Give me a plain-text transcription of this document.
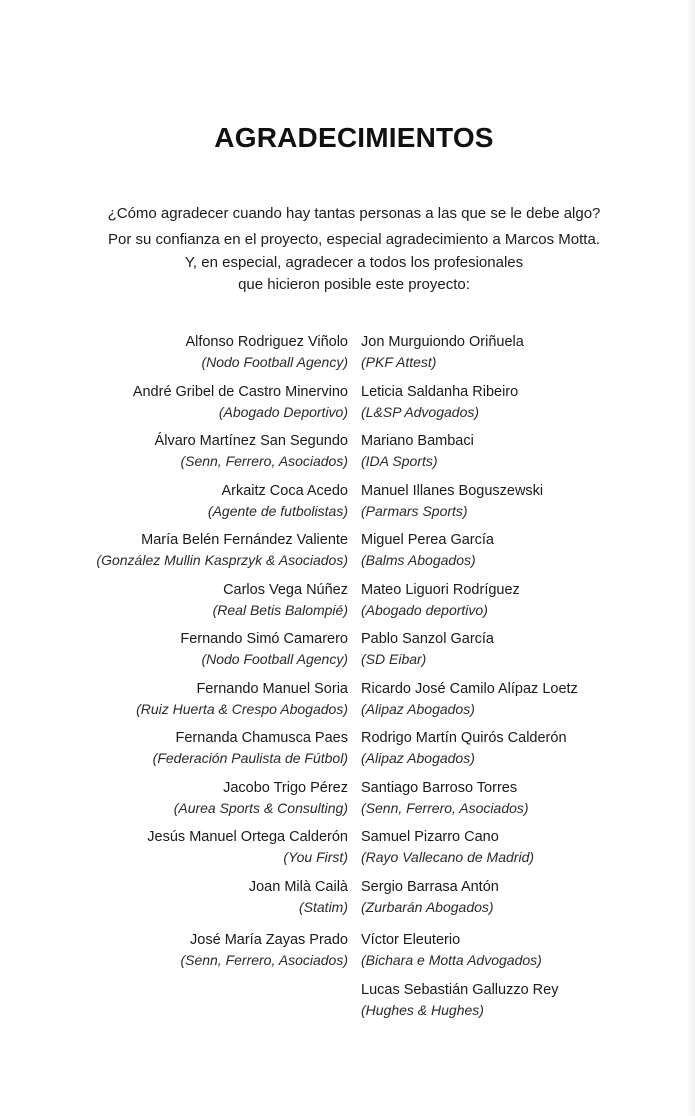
AGRADECIMIENTOS

¿Cómo agradecer cuando hay tantas personas a las que se le debe algo?

Por su confianza en el proyecto, especial agradecimiento a Marcos Motta.

Y, en especial, agradecer a todos los profesionales

que hicieron posible este proyecto:

Alfonso Rodriguez Viñolo
(Nodo Football Agency)
André Gribel de Castro Minervino
(Abogado Deportivo)
Álvaro Martínez San Segundo
(Senn, Ferrero, Asociados)
Arkaitz Coca Acedo
(Agente de futbolistas)
María Belén Fernández Valiente
(González Mullin Kasprzyk & Asociados)
Carlos Vega Núñez
(Real Betis Balompié)
Fernando Simó Camarero
(Nodo Football Agency)
Fernando Manuel Soria
(Ruiz Huerta & Crespo Abogados)
Fernanda Chamusca Paes
(Federación Paulista de Fútbol)
Jacobo Trigo Pérez
(Aurea Sports & Consulting)
Jesús Manuel Ortega Calderón
(You First)
Joan Milà Cailà
(Statim)
José María Zayas Prado
(Senn, Ferrero, Asociados)
Jon Murguiondo Oriñuela
(PKF Attest)
Leticia Saldanha Ribeiro
(L&SP Advogados)
Mariano Bambaci
(IDA Sports)
Manuel Illanes Boguszewski
(Parmars Sports)
Miguel Perea García
(Balms Abogados)
Mateo Liguori Rodríguez
(Abogado deportivo)
Pablo Sanzol García
(SD Eibar)
Ricardo José Camilo Alípaz Loetz
(Alipaz Abogados)
Rodrigo Martín Quirós Calderón
(Alipaz Abogados)
Santiago Barroso Torres
(Senn, Ferrero, Asociados)
Samuel Pizarro Cano
(Rayo Vallecano de Madrid)
Sergio Barrasa Antón
(Zurbarán Abogados)
Víctor Eleuterio
(Bichara e Motta Advogados)
Lucas Sebastián Galluzzo Rey
(Hughes & Hughes)
